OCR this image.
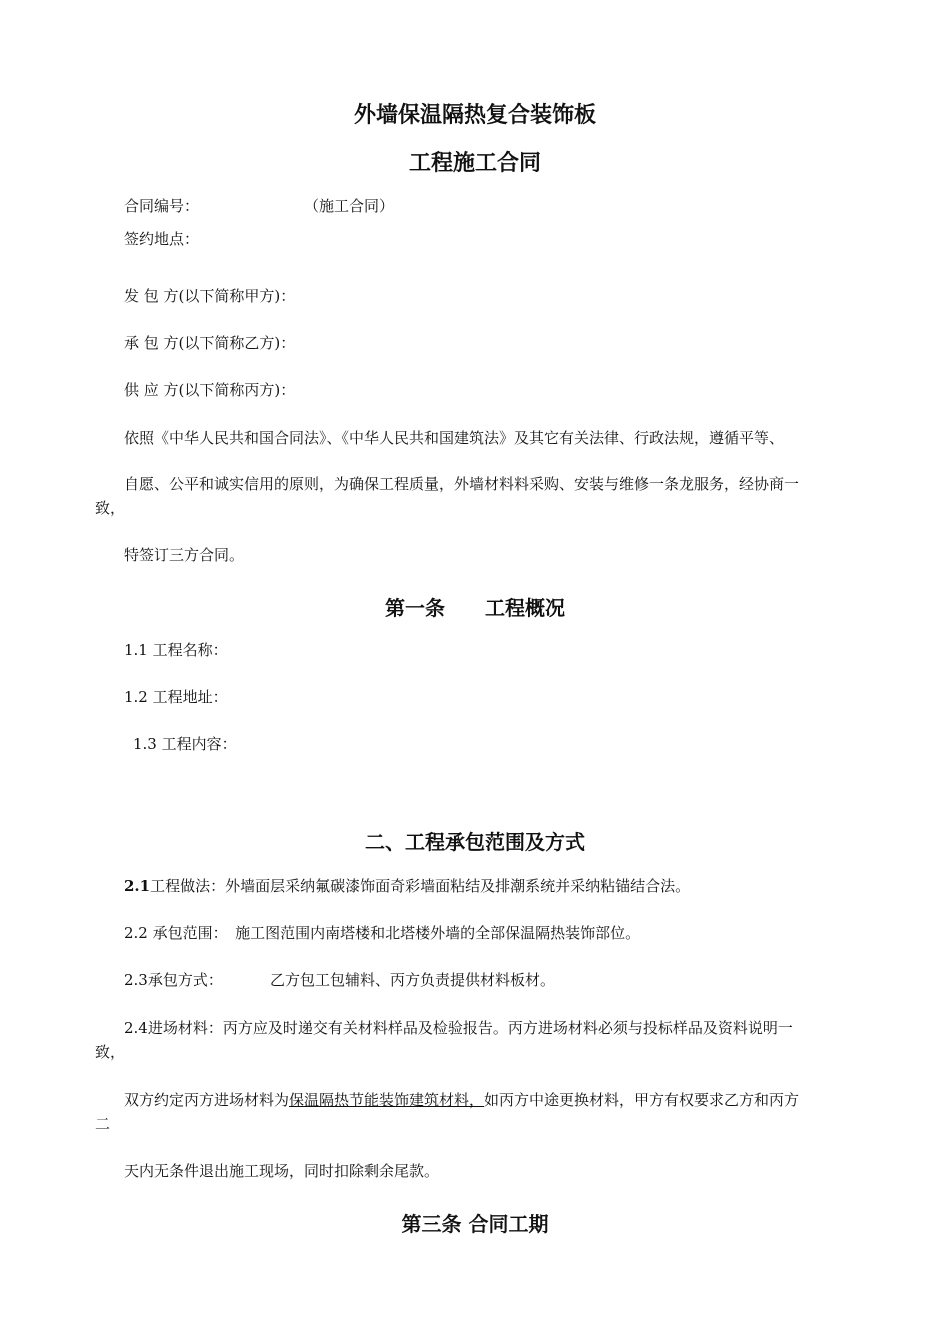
外墙保温隔热复合装饰板
工程施工合同
合同编号：	（施工合同）
签约地点：
发 包 方(以下简称甲方)：
承 包 方(以下简称乙方)：
供 应 方(以下简称丙方)：
依照《中华人民共和国合同法》、《中华人民共和国建筑法》及其它有关法律、行政法规，遵循平等、
自愿、公平和诚实信用的原则，为确保工程质量，外墙材料料采购、安装与维修一条龙服务，经协商一
致，
特签订三方合同。
第一条　　工程概况
1.1 工程名称：
1.2 工程地址：
1.3 工程内容：
二、工程承包范围及方式
2.1工程做法：外墙面层采纳氟碳漆饰面奇彩墙面粘结及排潮系统并采纳粘锚结合法。
2.2 承包范围：　施工图范围内南塔楼和北塔楼外墙的全部保温隔热装饰部位。
2.3承包方式：	乙方包工包辅料、丙方负责提供材料板材。
2.4进场材料：丙方应及时递交有关材料样品及检验报告。丙方进场材料必须与投标样品及资料说明一
致，
双方约定丙方进场材料为保温隔热节能装饰建筑材料，如丙方中途更换材料，甲方有权要求乙方和丙方
二
天内无条件退出施工现场，同时扣除剩余尾款。
第三条 合同工期
